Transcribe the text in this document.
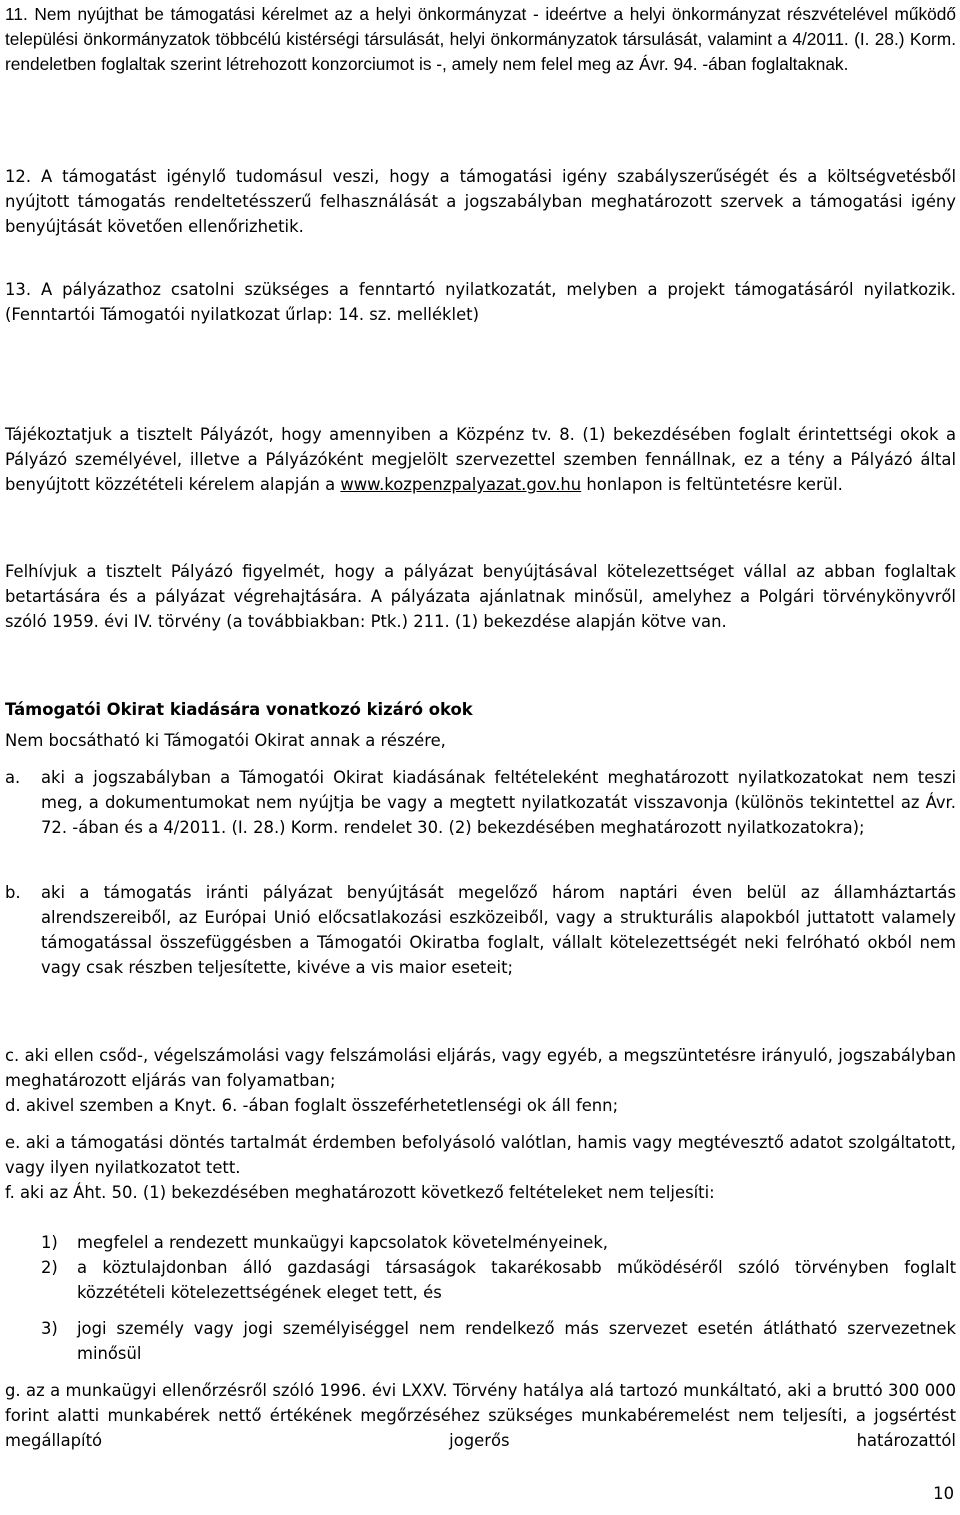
11. Nem nyújthat be támogatási kérelmet az a helyi önkormányzat - ideértve a helyi önkormányzat részvételével működő települési önkormányzatok többcélú kistérségi társulását, helyi önkormányzatok társulását, valamint a 4/2011. (I. 28.) Korm. rendeletben foglaltak szerint létrehozott konzorciumot is -, amely nem felel meg az Ávr. 94. -ában foglaltaknak.

12. A támogatást igénylő tudomásul veszi, hogy a támogatási igény szabályszerűségét és a költségvetésből nyújtott támogatás rendeltetésszerű felhasználását a jogszabályban meghatározott szervek a támogatási igény benyújtását követően ellenőrizhetik.

13. A pályázathoz csatolni szükséges a fenntartó nyilatkozatát, melyben a projekt támogatásáról nyilatkozik. (Fenntartói Támogatói nyilatkozat űrlap: 14. sz. melléklet)

Tájékoztatjuk a tisztelt Pályázót, hogy amennyiben a Közpénz tv. 8. (1) bekezdésében foglalt érintettségi okok a Pályázó személyével, illetve a Pályázóként megjelölt szervezettel szemben fennállnak, ez a tény a Pályázó által benyújtott közzétételi kérelem alapján a www.kozpenzpalyazat.gov.hu honlapon is feltüntetésre kerül.

Felhívjuk a tisztelt Pályázó figyelmét, hogy a pályázat benyújtásával kötelezettséget vállal az abban foglaltak betartására és a pályázat végrehajtására. A pályázata ajánlatnak minősül, amelyhez a Polgári törvénykönyvről szóló 1959. évi IV. törvény (a továbbiakban: Ptk.) 211. (1) bekezdése alapján kötve van.

Támogatói Okirat kiadására vonatkozó kizáró okok

Nem bocsátható ki Támogatói Okirat annak a részére,

a. aki a jogszabályban a Támogatói Okirat kiadásának feltételeként meghatározott nyilatkozatokat nem teszi meg, a dokumentumokat nem nyújtja be vagy a megtett nyilatkozatát visszavonja (különös tekintettel az Ávr. 72. -ában és a 4/2011. (I. 28.) Korm. rendelet 30. (2) bekezdésében meghatározott nyilatkozatokra);

b. aki a támogatás iránti pályázat benyújtását megelőző három naptári éven belül az államháztartás alrendszereiből, az Európai Unió előcsatlakozási eszközeiből, vagy a strukturális alapokból juttatott valamely támogatással összefüggésben a Támogatói Okiratba foglalt, vállalt kötelezettségét neki felróható okból nem vagy csak részben teljesítette, kivéve a vis maior eseteit;

c. aki ellen csőd-, végelszámolási vagy felszámolási eljárás, vagy egyéb, a megszüntetésre irányuló, jogszabályban meghatározott eljárás van folyamatban;

d. akivel szemben a Knyt. 6. -ában foglalt összeférhetetlenségi ok áll fenn;

e. aki a támogatási döntés tartalmát érdemben befolyásoló valótlan, hamis vagy megtévesztő adatot szolgáltatott, vagy ilyen nyilatkozatot tett.

f. aki az Áht. 50. (1) bekezdésében meghatározott következő feltételeket nem teljesíti:

1) megfelel a rendezett munkaügyi kapcsolatok követelményeinek,

2) a köztulajdonban álló gazdasági társaságok takarékosabb működéséről szóló törvényben foglalt közzétételi kötelezettségének eleget tett, és

3) jogi személy vagy jogi személyiséggel nem rendelkező más szervezet esetén átlátható szervezetnek minősül

g. az a munkaügyi ellenőrzésről szóló 1996. évi LXXV. Törvény hatálya alá tartozó munkáltató, aki a bruttó 300 000 forint alatti munkabérek nettő értékének megőrzéséhez szükséges munkabéremelést nem teljesíti, a jogsértést megállapító jogerős határozattól

10
